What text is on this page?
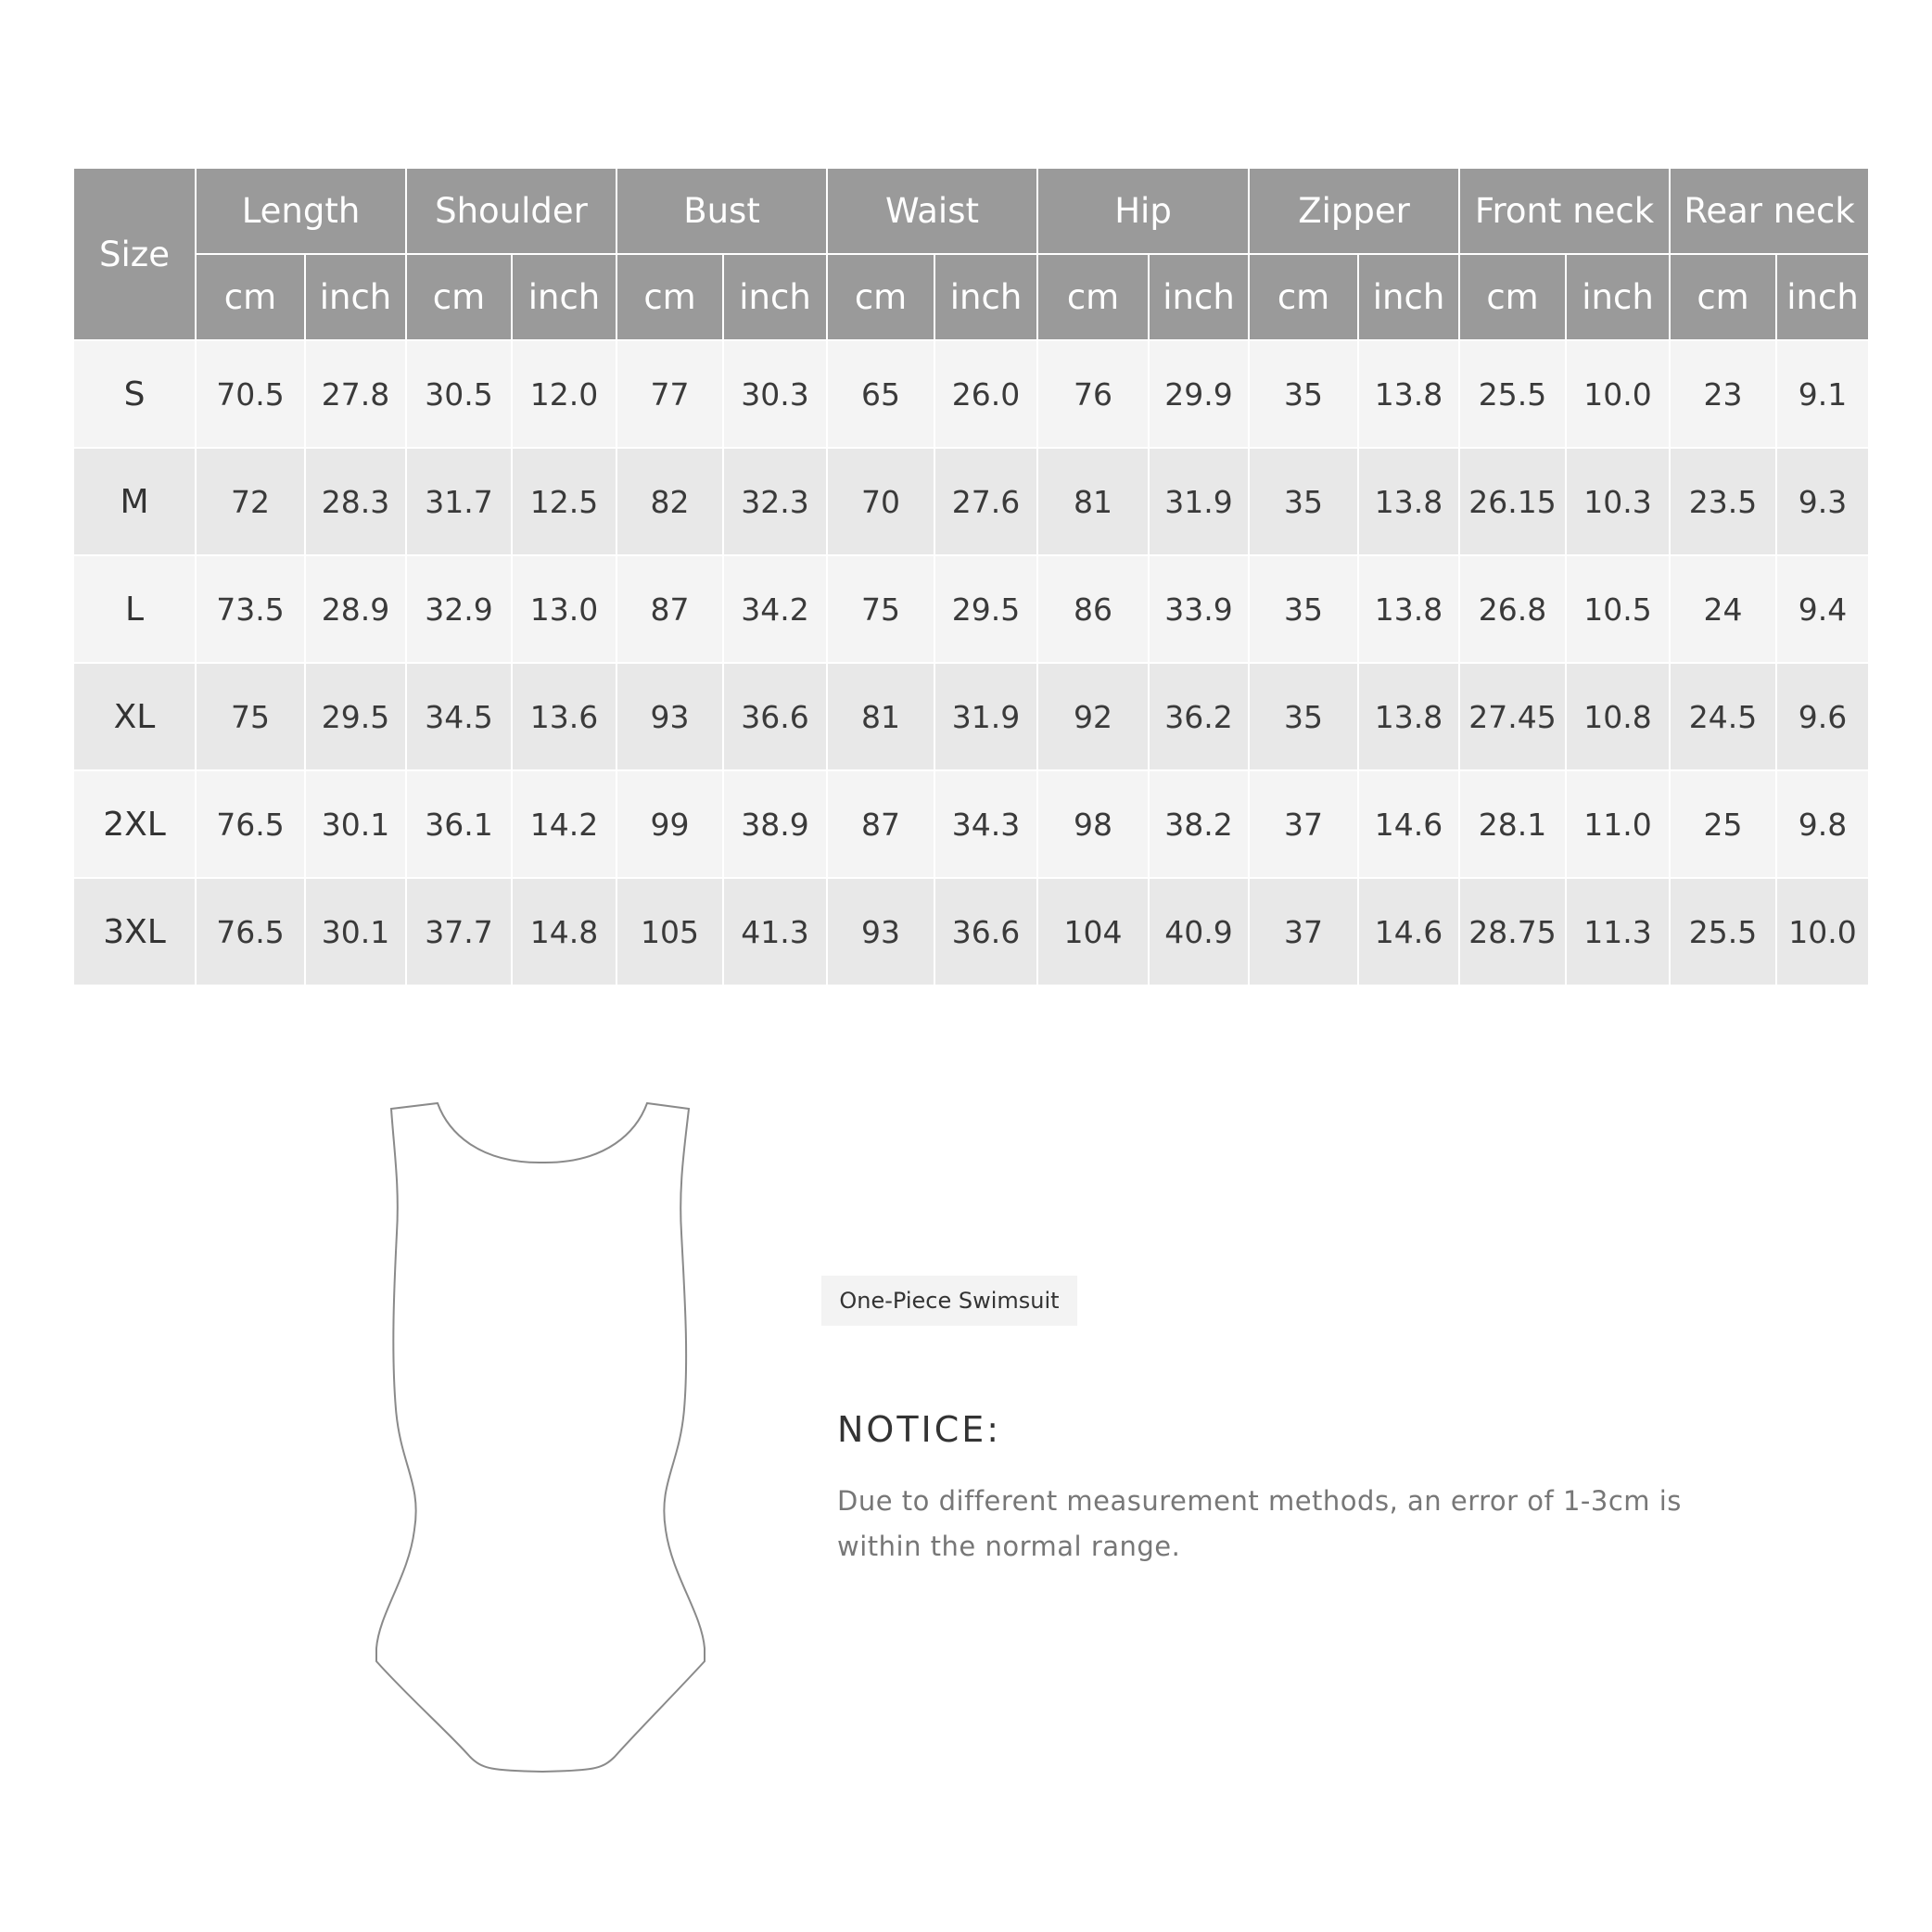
Size	Length		Shoulder		Bust		Waist		Hip		Zipper		Front neck		Rear neck	
	cm	inch	cm	inch	cm	inch	cm	inch	cm	inch	cm	inch	cm	inch	cm	inch
S	70.5	27.8	30.5	12.0	77	30.3	65	26.0	76	29.9	35	13.8	25.5	10.0	23	9.1
M	72	28.3	31.7	12.5	82	32.3	70	27.6	81	31.9	35	13.8	26.15	10.3	23.5	9.3
L	73.5	28.9	32.9	13.0	87	34.2	75	29.5	86	33.9	35	13.8	26.8	10.5	24	9.4
XL	75	29.5	34.5	13.6	93	36.6	81	31.9	92	36.2	35	13.8	27.45	10.8	24.5	9.6
2XL	76.5	30.1	36.1	14.2	99	38.9	87	34.3	98	38.2	37	14.6	28.1	11.0	25	9.8
3XL	76.5	30.1	37.7	14.8	105	41.3	93	36.6	104	40.9	37	14.6	28.75	11.3	25.5	10.0
One-Piece Swimsuit
NOTICE:
Due to different measurement methods, an error of 1-3cm is within the normal range.
